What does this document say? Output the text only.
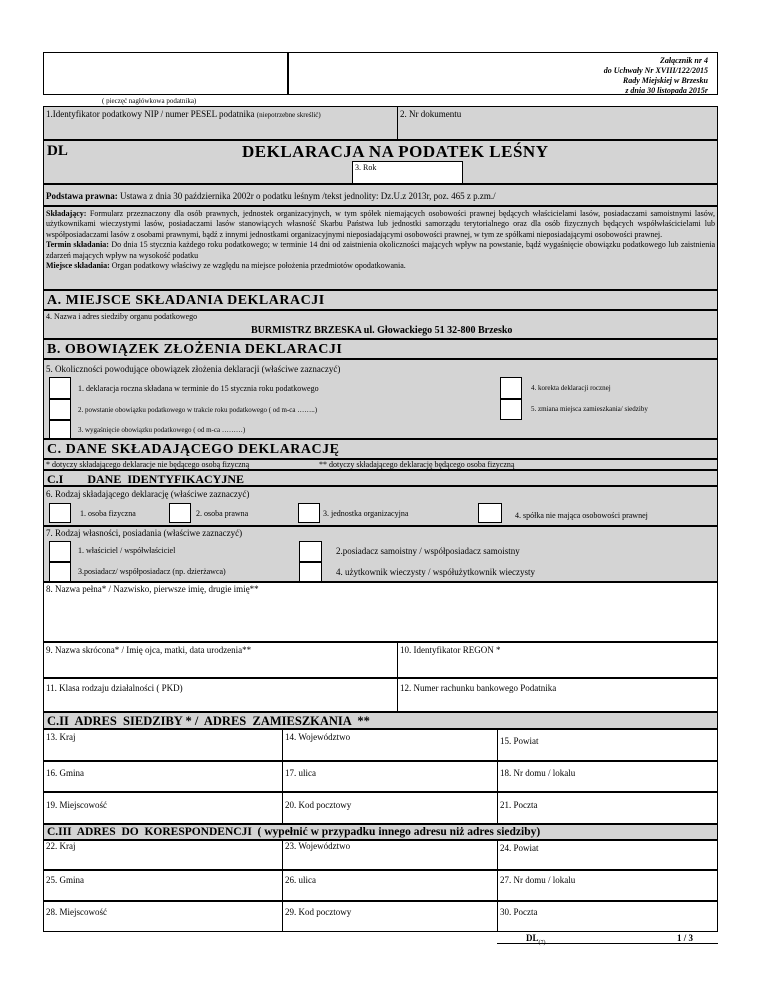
Załącznik nr 4
do Uchwały Nr XVIII/122/2015
Rady Miejskiej w Brzesku
z dnia 30 listopada 2015r
( pieczęć nagłówkowa podatnika)
1.Identyfikator podatkowy NIP / numer PESEL podatnika (niepotrzebne skreślić)	2. Nr dokumentu
DL	DEKLARACJA NA PODATEK LEŚNY
3. Rok
Podstawa prawna: Ustawa z dnia 30 października 2002r o podatku leśnym /tekst jednolity: Dz.U.z 2013r, poz. 465 z p.zm./
Składający: Formularz przeznaczony dla osób prawnych, jednostek organizacyjnych, w tym spółek niemających osobowości prawnej będących właścicielami lasów, posiadaczami samoistnymi lasów, użytkownikami wieczystymi lasów, posiadaczami lasów stanowiących własność Skarbu Państwa lub jednostki samorządu terytorialnego oraz dla osób fizycznych będących współwłaścicielami lub współposiadaczami lasów z osobami prawnymi, bądź z innymi jednostkami organizacyjnymi nieposiadającymi osobowości prawnej, w tym ze spółkami nieposiadającymi osobowości prawnej.
Termin składania: Do dnia 15 stycznia każdego roku podatkowego; w terminie 14 dni od zaistnienia okoliczności mających wpływ na powstanie, bądź wygaśnięcie obowiązku podatkowego lub zaistnienia zdarzeń mających wpływ na wysokość podatku
Miejsce składania: Organ podatkowy właściwy ze względu na miejsce położenia przedmiotów opodatkowania.
A. MIEJSCE SKŁADANIA DEKLARACJI
4. Nazwa i adres siedziby organu podatkowego
BURMISTRZ BRZESKA ul. Głowackiego 51 32-800 Brzesko
B. OBOWIĄZEK ZŁOŻENIA DEKLARACJI
5. Okoliczności powodujące obowiązek złożenia deklaracji (właściwe zaznaczyć)
1. deklaracja roczna składana w terminie do 15 stycznia roku podatkowego
2. powstanie obowiązku podatkowego w trakcie roku podatkowego ( od m-ca ……..)
3. wygaśnięcie obowiązku podatkowego ( od m-ca ………)
4. korekta deklaracji rocznej
5. zmiana miejsca zamieszkania/ siedziby
C. DANE SKŁADAJĄCEGO DEKLARACJĘ
* dotyczy składającego deklaracje nie będącego osobą fizyczną	** dotyczy składającego deklarację będącego osoba fizyczną
C.I        DANE  IDENTYFIKACYJNE
6. Rodzaj składającego deklarację (właściwe zaznaczyć)
1. osoba fizyczna	2. osoba prawna	3. jednostka organizacyjna	4. spółka nie mająca osobowości prawnej
7. Rodzaj własności, posiadania (właściwe zaznaczyć)
1. właściciel / współwłaściciel	2.posiadacz samoistny / współposiadacz samoistny
3.posiadacz/ współposiadacz (np. dzierżawca)	4. użytkownik wieczysty / współużytkownik wieczysty
8. Nazwa pełna* / Nazwisko, pierwsze imię, drugie imię**
9. Nazwa skrócona* / Imię ojca, matki, data urodzenia**	10. Identyfikator REGON *
11. Klasa rodzaju działalności ( PKD)	12. Numer rachunku bankowego Podatnika
C.II  ADRES  SIEDZIBY * /  ADRES  ZAMIESZKANIA  **
13. Kraj	14. Województwo	15. Powiat
16. Gmina	17. ulica	18. Nr domu / lokalu
19. Miejscowość	20. Kod pocztowy	21. Poczta
C.III  ADRES  DO  KORESPONDENCJI  ( wypełnić w przypadku innego adresu niż adres siedziby)
22. Kraj	23. Województwo	24. Powiat
25. Gmina	26. ulica	27. Nr domu / lokalu
28. Miejscowość	29. Kod pocztowy	30. Poczta
$DL_{(7)}$	1 / 3
